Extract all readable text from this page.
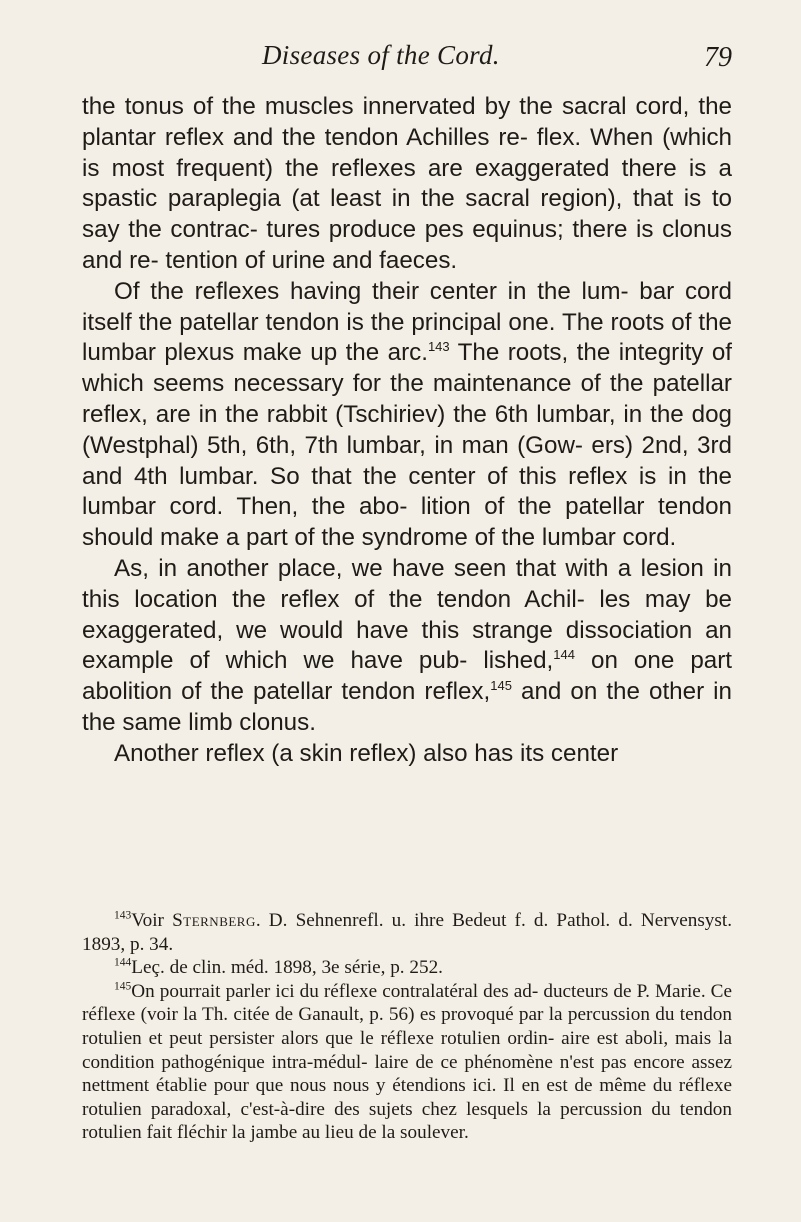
Diseases of the Cord.	79

the tonus of the muscles innervated by the sacral cord, the plantar reflex and the tendon Achilles re- flex. When (which is most frequent) the reflexes are exaggerated there is a spastic paraplegia (at least in the sacral region), that is to say the contrac- tures produce pes equinus; there is clonus and re- tention of urine and faeces.

Of the reflexes having their center in the lum- bar cord itself the patellar tendon is the principal one. The roots of the lumbar plexus make up the arc.$^{143}$ The roots, the integrity of which seems necessary for the maintenance of the patellar reflex, are in the rabbit (Tschiriev) the 6th lumbar, in the dog (Westphal) 5th, 6th, 7th lumbar, in man (Gow- ers) 2nd, 3rd and 4th lumbar. So that the center of this reflex is in the lumbar cord. Then, the abo- lition of the patellar tendon should make a part of the syndrome of the lumbar cord.

As, in another place, we have seen that with a lesion in this location the reflex of the tendon Achil- les may be exaggerated, we would have this strange dissociation an example of which we have pub- lished,$^{144}$ on one part abolition of the patellar tendon reflex,$^{145}$ and on the other in the same limb clonus.

Another reflex (a skin reflex) also has its center

$^{143}$Voir Sternberg. D. Sehnenrefl. u. ihre Bedeut f. d. Pathol. d. Nervensyst. 1893, p. 34.

$^{144}$Leç. de clin. méd. 1898, 3e série, p. 252.

$^{145}$On pourrait parler ici du réflexe contralatéral des ad- ducteurs de P. Marie. Ce réflexe (voir la Th. citée de Ganault, p. 56) es provoqué par la percussion du tendon rotulien et peut persister alors que le réflexe rotulien ordin- aire est aboli, mais la condition pathogénique intra-médul- laire de ce phénomène n'est pas encore assez nettment établie pour que nous nous y étendions ici. Il en est de même du réflexe rotulien paradoxal, c'est-à-dire des sujets chez lesquels la percussion du tendon rotulien fait fléchir la jambe au lieu de la soulever.
